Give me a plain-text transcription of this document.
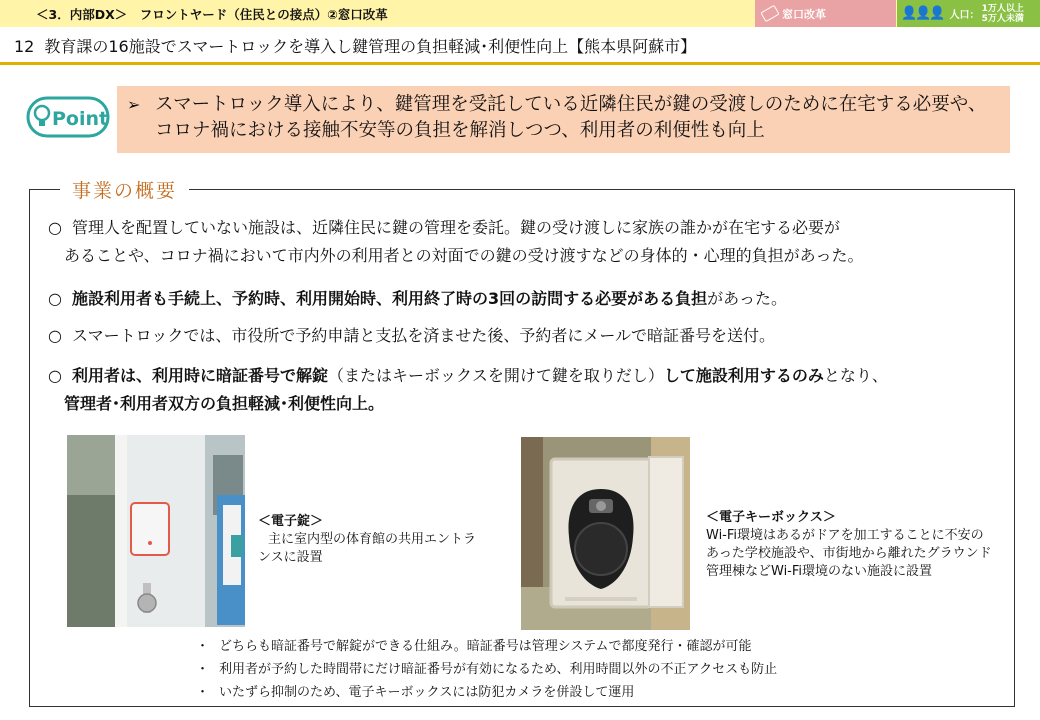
＜3．内部DX＞　フロントヤード（住民との接点）②窓口改革	窓口改革	👤👤👤 人口：
1万人以上
5万人未満
12 教育課の16施設でスマートロックを導入し鍵管理の負担軽減･利便性向上【熊本県阿蘇市】
Point
➢ スマートロック導入により、鍵管理を受託している近隣住民が鍵の受渡しのために在宅する必要や、コロナ禍における接触不安等の負担を解消しつつ、利用者の利便性も向上
事業の概要
○ 管理人を配置していない施設は、近隣住民に鍵の管理を委託。鍵の受け渡しに家族の誰かが在宅する必要が
あることや、コロナ禍において市内外の利用者との対面での鍵の受け渡すなどの身体的・心理的負担があった。
○ 施設利用者も手続上、予約時、利用開始時、利用終了時の3回の訪問する必要がある負担があった。
○ スマートロックでは、市役所で予約申請と支払を済ませた後、予約者にメールで暗証番号を送付。
○ 利用者は、利用時に暗証番号で解錠（またはキーボックスを開けて鍵を取りだし）して施設利用するのみとなり、
管理者･利用者双方の負担軽減･利便性向上。
＜電子錠＞
主に室内型の体育館の共用エントラ
ンスに設置
＜電子キーボックス＞
Wi-Fi環境はあるがドアを加工することに不安の
あった学校施設や、市街地から離れたグラウンド
管理棟などWi-Fi環境のない施設に設置
・ どちらも暗証番号で解錠ができる仕組み。暗証番号は管理システムで都度発行・確認が可能
・ 利用者が予約した時間帯にだけ暗証番号が有効になるため、利用時間以外の不正アクセスも防止
・ いたずら抑制のため、電子キーボックスには防犯カメラを併設して運用
